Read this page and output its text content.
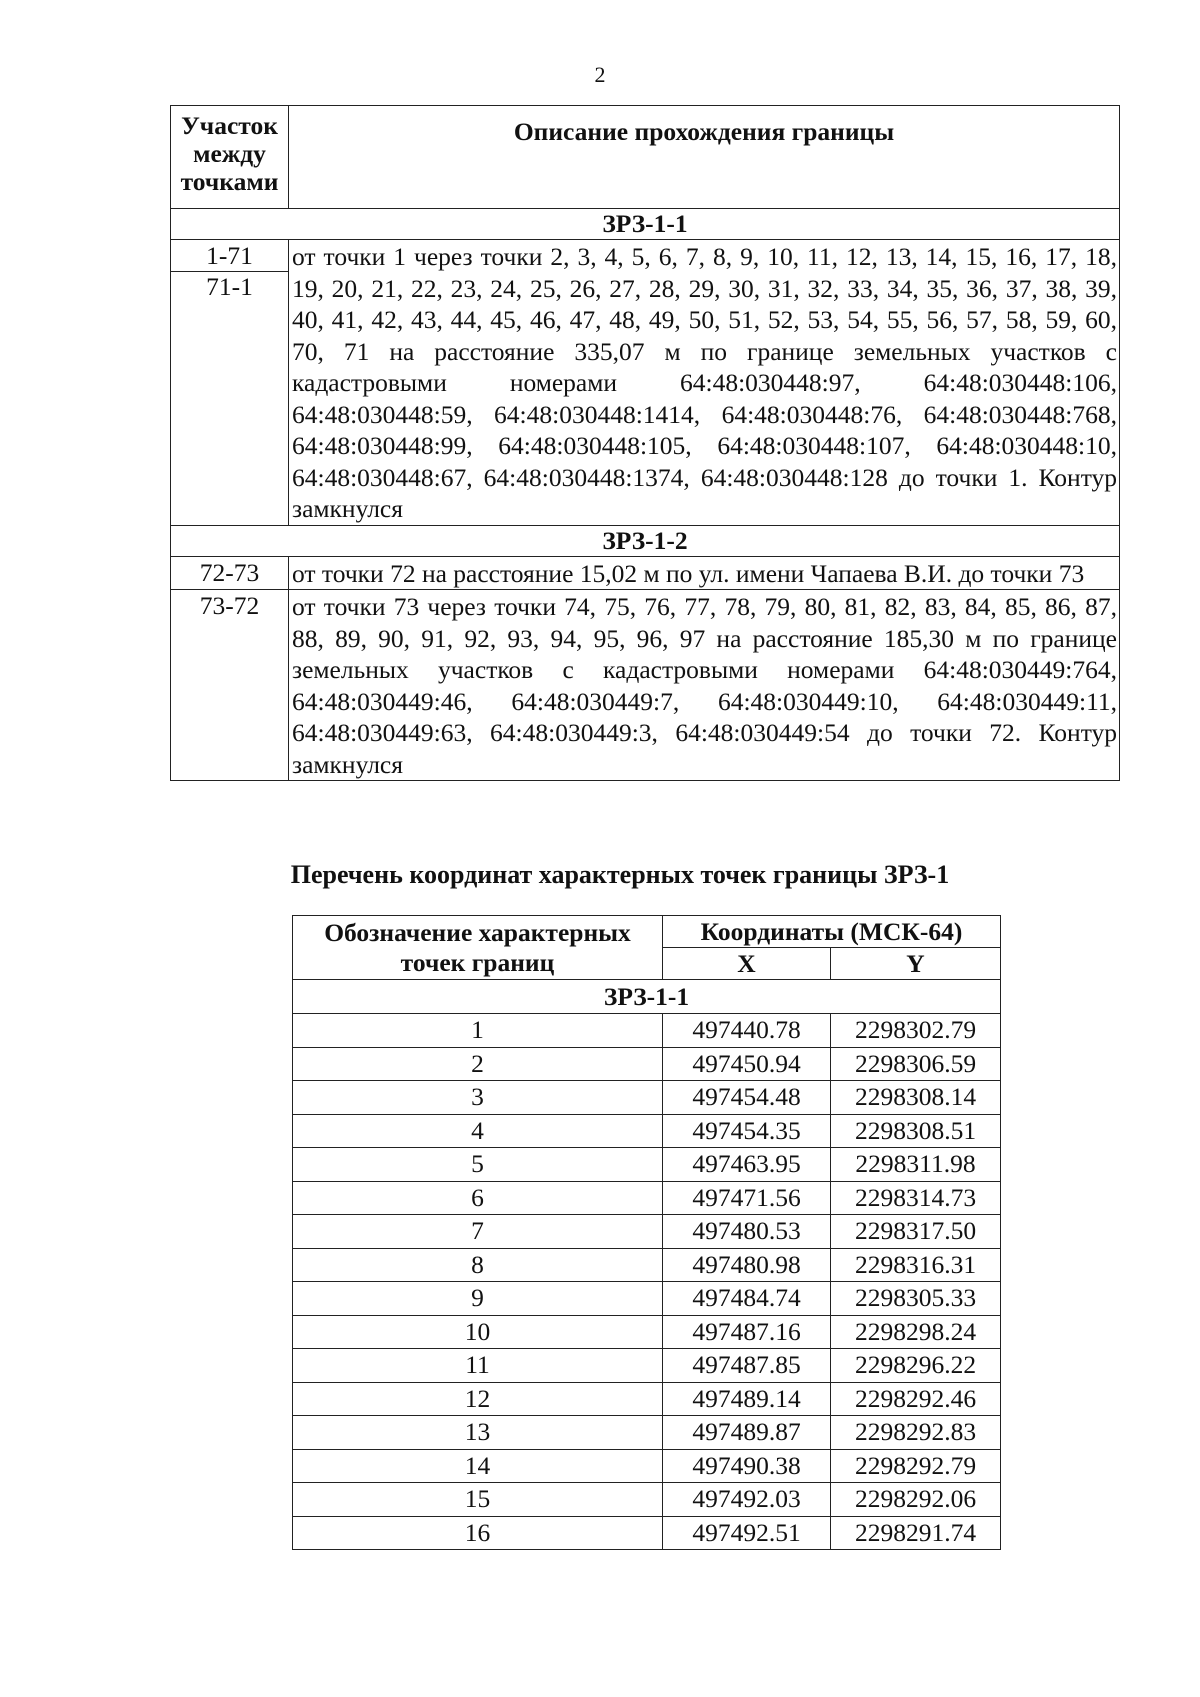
2
Участок
между
точками	Описание прохождения границы
ЗРЗ-1-1	

1-71
71-1	от точки 1 через точки 2, 3, 4, 5, 6, 7, 8, 9, 10, 11, 12, 13, 14, 15, 16, 17, 18, 19, 20, 21, 22, 23, 24, 25, 26, 27, 28, 29, 30, 31, 32, 33, 34, 35, 36, 37, 38, 39, 40, 41, 42, 43, 44, 45, 46, 47, 48, 49, 50, 51, 52, 53, 54, 55, 56, 57, 58, 59, 60, 70, 71 на расстояние 335,07 м по границе земельных участков с кадастровыми номерами 64:48:030448:97, 64:48:030448:106, 64:48:030448:59, 64:48:030448:1414, 64:48:030448:76, 64:48:030448:768, 64:48:030448:99, 64:48:030448:105, 64:48:030448:107, 64:48:030448:10, 64:48:030448:67, 64:48:030448:1374, 64:48:030448:128 до точки 1. Контур замкнулся
ЗРЗ-1-2	
72-73	от точки 72 на расстояние 15,02 м по ул. имени Чапаева В.И. до точки 73
73-72	от точки 73 через точки 74, 75, 76, 77, 78, 79, 80, 81, 82, 83, 84, 85, 86, 87, 88, 89, 90, 91, 92, 93, 94, 95, 96, 97 на расстояние 185,30 м по границе земельных участков с кадастровыми номерами 64:48:030449:764, 64:48:030449:46, 64:48:030449:7, 64:48:030449:10, 64:48:030449:11, 64:48:030449:63, 64:48:030449:3, 64:48:030449:54 до точки 72. Контур замкнулся
Перечень координат характерных точек границы ЗРЗ-1
Обозначение характерных точек границ	Координаты (МСК-64)	
	X	Y
ЗРЗ-1-1		
1	497440.78	2298302.79
2	497450.94	2298306.59
3	497454.48	2298308.14
4	497454.35	2298308.51
5	497463.95	2298311.98
6	497471.56	2298314.73
7	497480.53	2298317.50
8	497480.98	2298316.31
9	497484.74	2298305.33
10	497487.16	2298298.24
11	497487.85	2298296.22
12	497489.14	2298292.46
13	497489.87	2298292.83
14	497490.38	2298292.79
15	497492.03	2298292.06
16	497492.51	2298291.74
